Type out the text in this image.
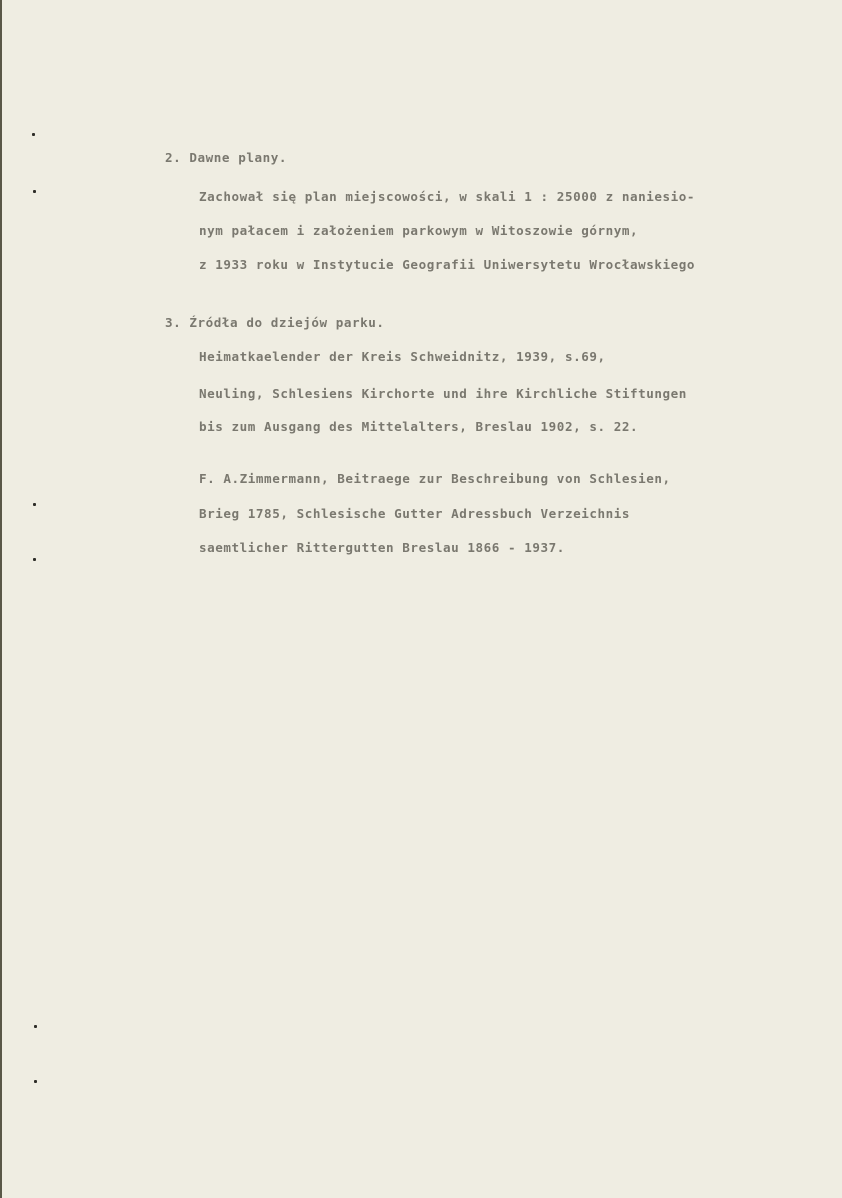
2. Dawne plany.
Zachował się plan miejscowości, w skali 1 : 25000 z naniesio-
nym pałacem i założeniem parkowym w Witoszowie górnym,
z 1933 roku w Instytucie Geografii Uniwersytetu Wrocławskiego
3. Źródła do dziejów parku.
Heimatkaelender der Kreis Schweidnitz, 1939, s.69,
Neuling, Schlesiens Kirchorte und ihre Kirchliche Stiftungen
bis zum Ausgang des Mittelalters, Breslau 1902, s. 22.
F. A.Zimmermann, Beitraege zur Beschreibung von Schlesien,
Brieg 1785, Schlesische Gutter Adressbuch Verzeichnis
saemtlicher Rittergutten Breslau 1866 - 1937.
